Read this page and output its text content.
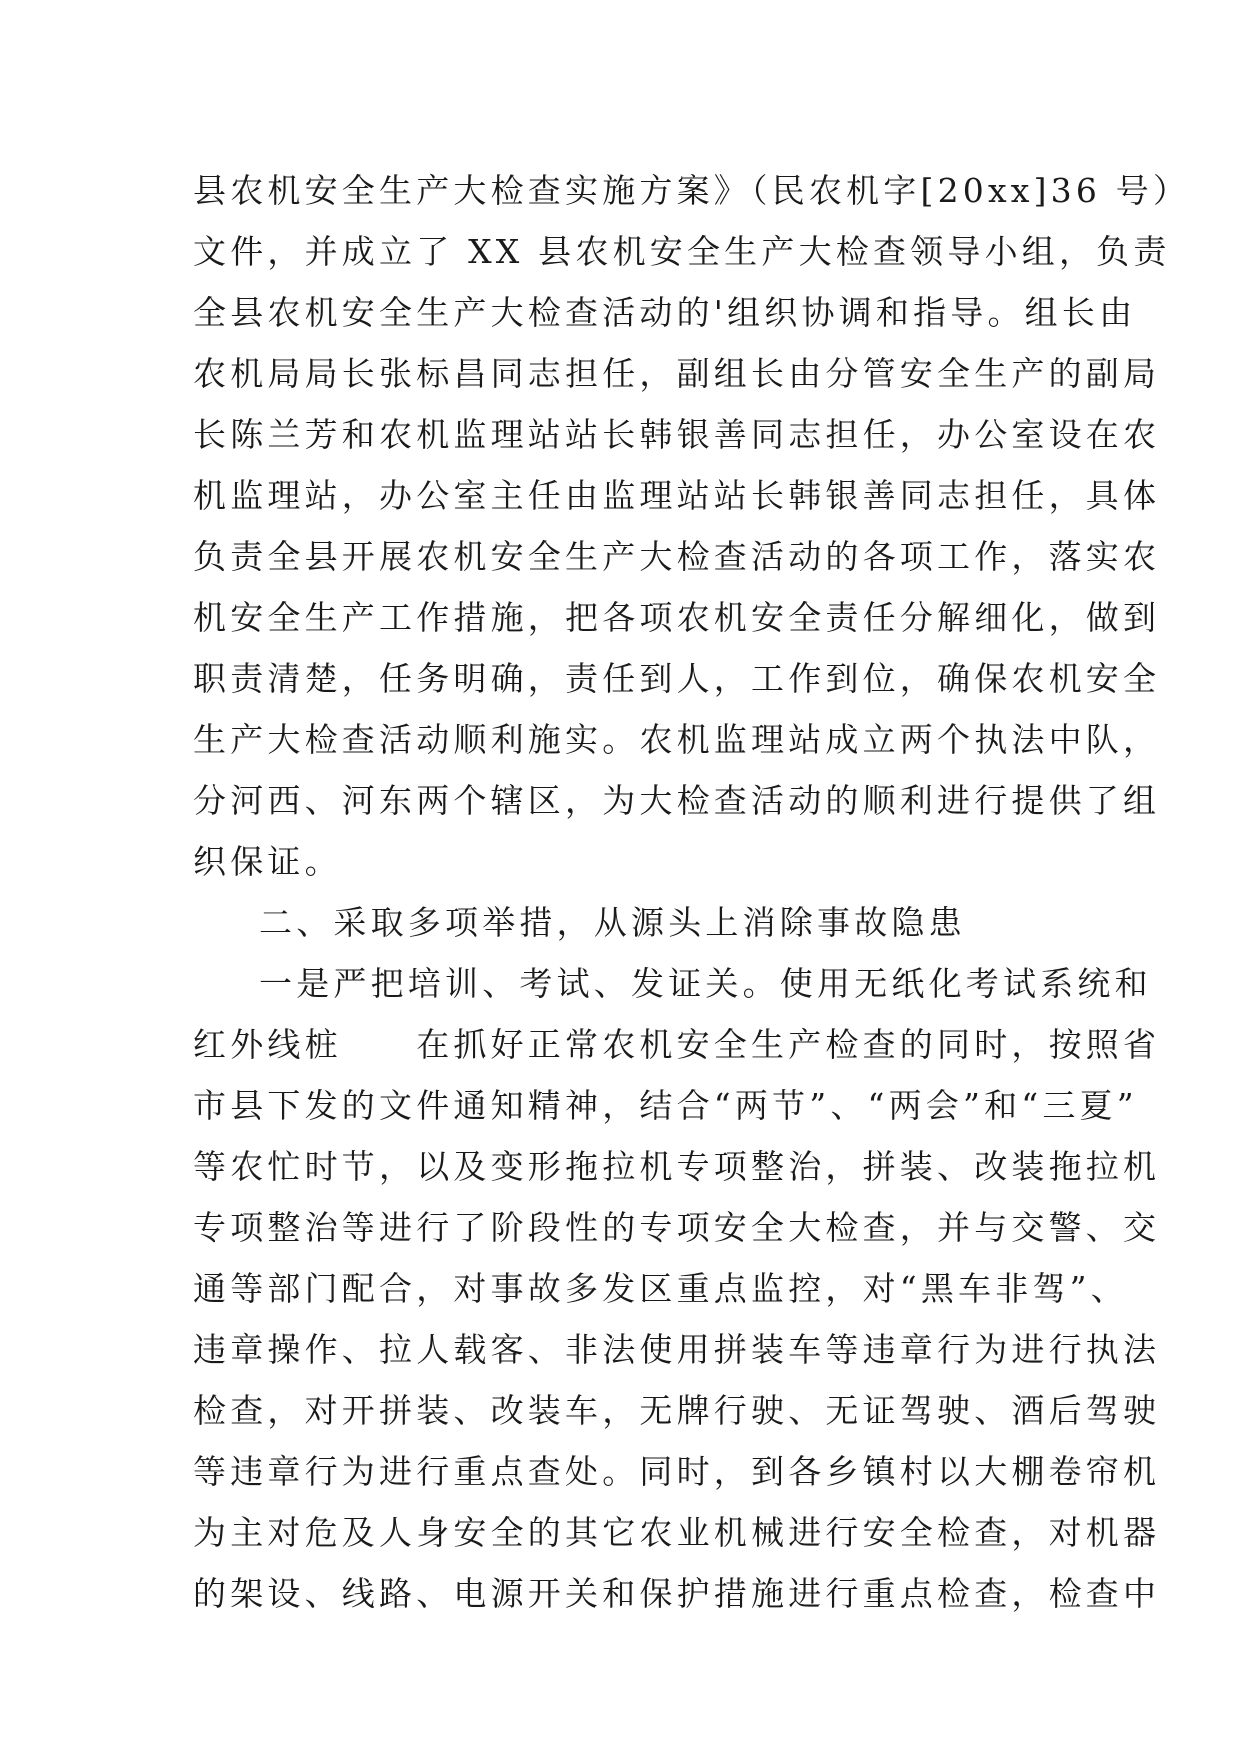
县农机安全生产大检查实施方案》（民农机字[20xx]36 号）
文件，并成立了 XX 县农机安全生产大检查领导小组，负责
全县农机安全生产大检查活动的'组织协调和指导。组长由
农机局局长张标昌同志担任，副组长由分管安全生产的副局
长陈兰芳和农机监理站站长韩银善同志担任，办公室设在农
机监理站，办公室主任由监理站站长韩银善同志担任，具体
负责全县开展农机安全生产大检查活动的各项工作，落实农
机安全生产工作措施，把各项农机安全责任分解细化，做到
职责清楚，任务明确，责任到人，工作到位，确保农机安全
生产大检查活动顺利施实。农机监理站成立两个执法中队，
分河西、河东两个辖区，为大检查活动的顺利进行提供了组
织保证。
二、采取多项举措，从源头上消除事故隐患
一是严把培训、考试、发证关。使用无纸化考试系统和
红外线桩　　在抓好正常农机安全生产检查的同时，按照省
市县下发的文件通知精神，结合“两节”、“两会”和“三夏”
等农忙时节，以及变形拖拉机专项整治，拼装、改装拖拉机
专项整治等进行了阶段性的专项安全大检查，并与交警、交
通等部门配合，对事故多发区重点监控，对“黑车非驾”、
违章操作、拉人载客、非法使用拼装车等违章行为进行执法
检查，对开拼装、改装车，无牌行驶、无证驾驶、酒后驾驶
等违章行为进行重点查处。同时，到各乡镇村以大棚卷帘机
为主对危及人身安全的其它农业机械进行安全检查，对机器
的架设、线路、电源开关和保护措施进行重点检查，检查中
